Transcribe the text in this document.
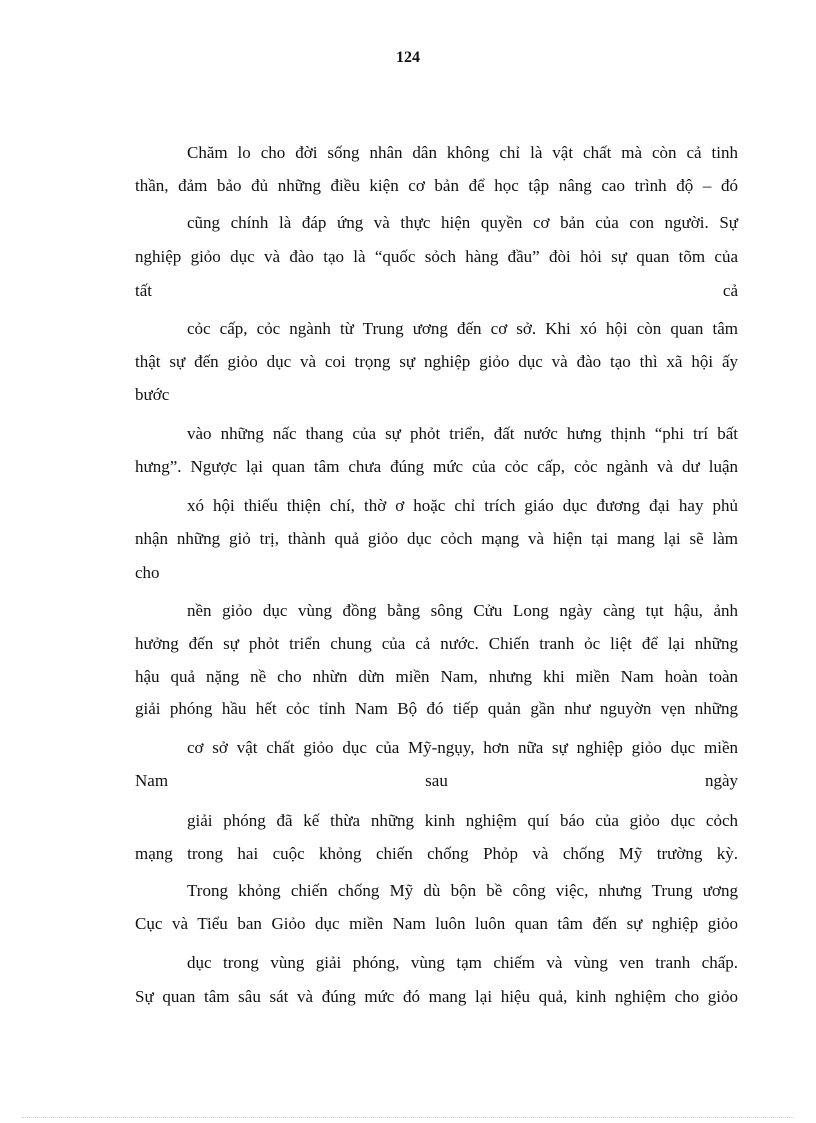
124
Chăm lo cho đời sống nhân dân không chỉ là vật chất mà còn cả tinh
thần, đảm bảo đủ những điều kiện cơ bản để học tập nâng cao trình độ – đó
cũng chính là đáp ứng và thực hiện quyền cơ bản của con người. Sự
nghiệp giỏo dục và đào tạo là “quốc sỏch hàng đầu” đòi hỏi sự quan tõm của
tất cả
cỏc cấp, cỏc ngành từ Trung ương đến cơ sở. Khi xó hội còn quan tâm
thật sự đến giỏo dục và coi trọng sự nghiệp giỏo dục và đào tạo thì xã hội ấy
bước
vào những nấc thang của sự phỏt triển, đất nước hưng thịnh “phi trí bất
hưng”. Ngược lại quan tâm chưa đúng mức của cỏc cấp, cỏc ngành và dư luận
xó hội thiếu thiện chí, thờ ơ hoặc chỉ trích giáo dục đương đại hay phủ
nhận những giỏ trị, thành quả giỏo dục cỏch mạng và hiện tại mang lại sẽ làm
cho
nền giỏo dục vùng đồng bằng sông Cửu Long ngày càng tụt hậu, ảnh
hưởng đến sự phỏt triển chung của cả nước. Chiến tranh ỏc liệt để lại những
hậu quả nặng nề cho nhừn dừn miền Nam, nhưng khi miền Nam hoàn toàn
giải phóng hầu hết cỏc tỉnh Nam Bộ đó tiếp quản gần như nguyờn vẹn những
cơ sở vật chất giỏo dục của Mỹ-ngụy, hơn nữa sự nghiệp giỏo dục miền
Nam sau ngày
giải phóng đã kế thừa những kinh nghiệm quí báo của giỏo dục cỏch
mạng trong hai cuộc khỏng chiến chống Phỏp và chống Mỹ trường kỳ.
Trong khỏng chiến chống Mỹ dù bộn bề công việc, nhưng Trung ương
Cục và Tiểu ban Giỏo dục miền Nam luôn luôn quan tâm đến sự nghiệp giỏo
dục trong vùng giải phóng, vùng tạm chiếm và vùng ven tranh chấp.
Sự quan tâm sâu sát và đúng mức đó mang lại hiệu quả, kinh nghiệm cho giỏo
